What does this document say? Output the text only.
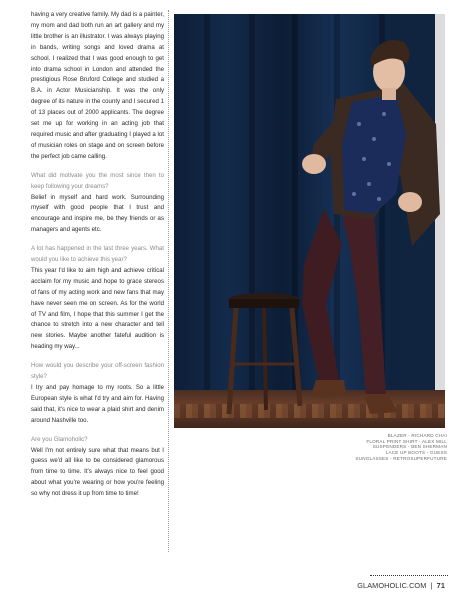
having a very creative family. My dad is a painter, my mom and dad both run an art gallery and my little brother is an illustrator. I was always playing in bands, writing songs and loved drama at school. I realized that I was good enough to get into drama school in London and attended the prestigious Rose Bruford College and studied a B.A. in Actor Musicianship. It was the only degree of its nature in the county and I secured 1 of 13 places out of 2000 applicants. The degree set me up for working in an acting job that required music and after graduating I played a lot of musician roles on stage and on screen before the perfect job came calling.

What did motivate you the most since then to keep following your dreams?

Belief in myself and hard work. Surrounding myself with good people that I trust and encourage and inspire me, be they friends or as managers and agents etc.

A lot has happened in the last three years. What would you like to achieve this year?

This year I'd like to aim high and achieve critical acclaim for my music and hope to grace stereos of fans of my acting work and new fans that may have never seen me on screen. As for the world of TV and film, I hope that this summer I get the chance to stretch into a new character and tell new stories. Maybe another fateful audition is heading my way...

How would you describe your off-screen fashion style?

I try and pay homage to my roots. So a little European style is what I'd try and aim for. Having said that, it's nice to wear a plaid shirt and denim around Nashville too.

Are you Glamoholic?

Well I'm not entirely sure what that means but I guess we'd all like to be considered glamorous from time to time. It's always nice to feel good about what you're wearing or how you're feeling so why not dress it up from time to time!

BLAZER - RICHARD CHAI
FLORAL PRINT SHIRT - ALEX MILL
SUSPENDERS - BEN SHERMAN
LACE UP BOOTS - GUESS
SUNGLASSES - RETROSUPERFUTURE
GLAMOHOLIC.COM | 71
